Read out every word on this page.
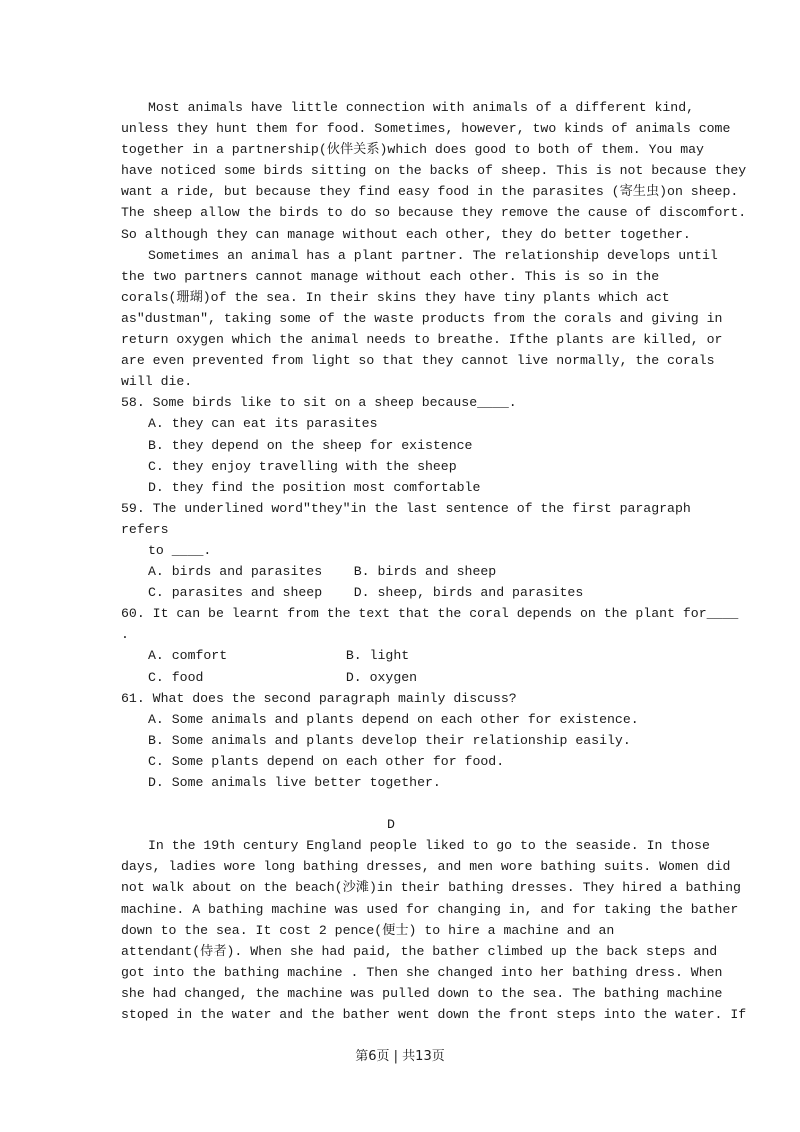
Most animals have little connection with animals of a different kind,
unless they hunt them for food. Sometimes, however, two kinds of animals come
together in a partnership(伙伴关系)which does good to both of them. You may
have noticed some birds sitting on the backs of sheep. This is not because they
want a ride, but because they find easy food in the parasites (寄生虫)on sheep.
The sheep allow the birds to do so because they remove the cause of discomfort.
So although they can manage without each other, they do better together.
Sometimes an animal has a plant partner. The relationship develops until
the two partners cannot manage without each other. This is so in the
corals(珊瑚)of the sea. In their skins they have tiny plants which act
as"dustman", taking some of the waste products from the corals and giving in
return oxygen which the animal needs to breathe. Ifthe plants are killed, or
are even prevented from light so that they cannot live normally, the corals
will die.
58. Some birds like to sit on a sheep because____.
A. they can eat its parasites
B. they depend on the sheep for existence
C. they enjoy travelling with the sheep
D. they find the position most comfortable
59. The underlined word"they"in the last sentence of the first paragraph
refers
to ____.
A. birds and parasites    B. birds and sheep
C. parasites and sheep    D. sheep, birds and parasites
60. It can be learnt from the text that the coral depends on the plant for____
.
A. comfort               B. light
C. food                  D. oxygen
61. What does the second paragraph mainly discuss?
A. Some animals and plants depend on each other for existence.
B. Some animals and plants develop their relationship easily.
C. Some plants depend on each other for food.
D. Some animals live better together.
D
In the 19th century England people liked to go to the seaside. In those
days, ladies wore long bathing dresses, and men wore bathing suits. Women did
not walk about on the beach(沙滩)in their bathing dresses. They hired a bathing
machine. A bathing machine was used for changing in, and for taking the bather
down to the sea. It cost 2 pence(便士) to hire a machine and an
attendant(侍者). When she had paid, the bather climbed up the back steps and
got into the bathing machine . Then she changed into her bathing dress. When
she had changed, the machine was pulled down to the sea. The bathing machine
stoped in the water and the bather went down the front steps into the water. If
第6页 | 共13页
